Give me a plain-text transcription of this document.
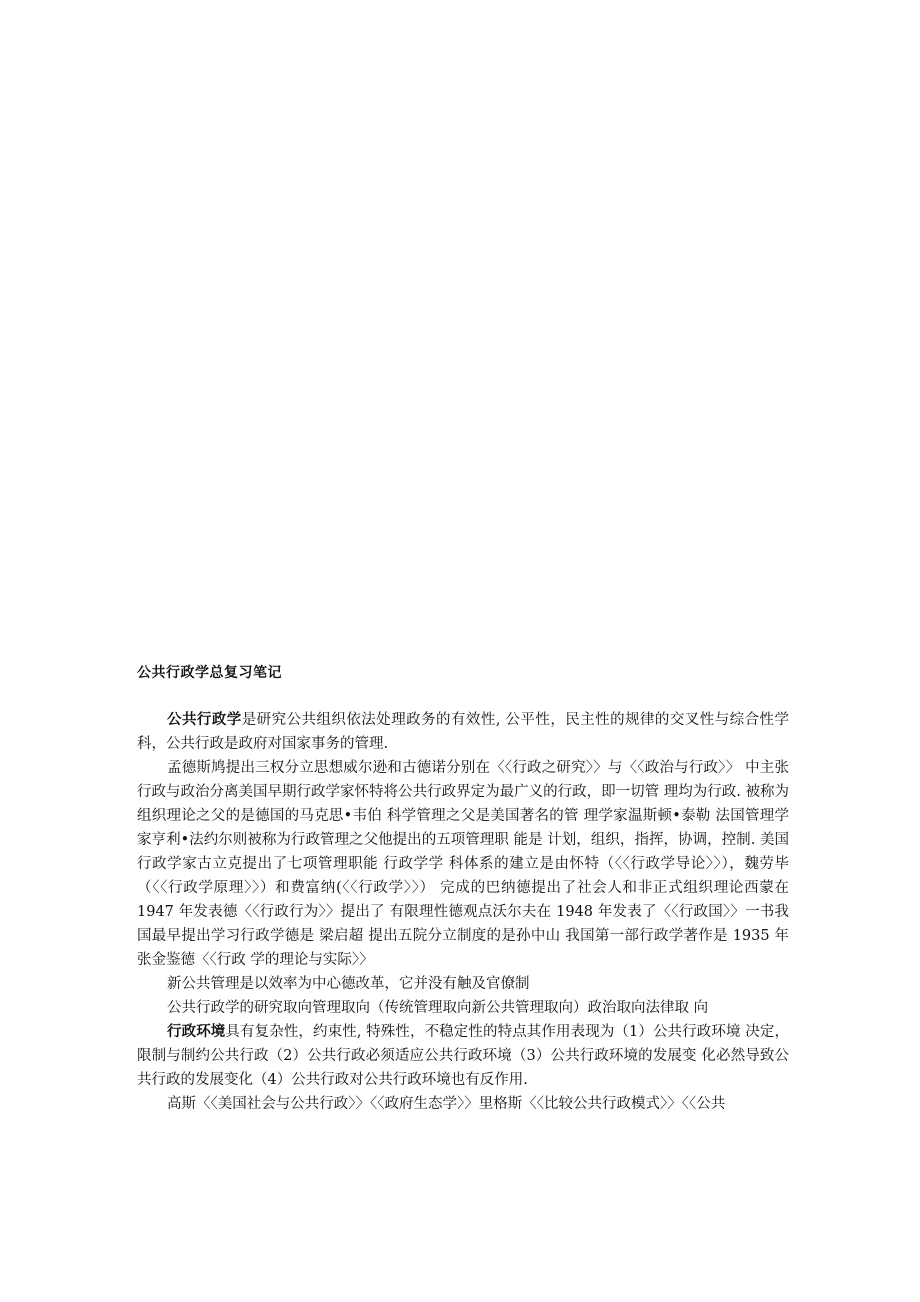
公共行政学总复习笔记

公共行政学是研究公共组织依法处理政务的有效性, 公平性，民主性的规律的交叉性与综合性学科，公共行政是政府对国家事务的管理.

孟德斯鸠提出三权分立思想威尔逊和古德诺分别在〈〈行政之研究〉〉与〈〈政治与行政〉〉 中主张行政与政治分离美国早期行政学家怀特将公共行政界定为最广义的行政，即一切管 理均为行政. 被称为组织理论之父的是德国的马克思•韦伯 科学管理之父是美国著名的管 理学家温斯顿•泰勒 法国管理学家亨利•法约尔则被称为行政管理之父他提出的五项管理职 能是 计划，组织，指挥，协调，控制. 美国行政学家古立克提出了七项管理职能 行政学学 科体系的建立是由怀特（〈〈行政学导论〉〉），魏劳毕（〈〈行政学原理〉〉）和费富纳(〈〈行政学〉〉） 完成的巴纳德提出了社会人和非正式组织理论西蒙在 1947 年发表德〈〈行政行为〉〉提出了 有限理性德观点沃尔夫在 1948 年发表了〈〈行政国〉〉一书我国最早提出学习行政学德是 梁启超 提出五院分立制度的是孙中山 我国第一部行政学著作是 1935 年张金鉴德〈〈行政 学的理论与实际〉〉

新公共管理是以效率为中心德改革，它并没有触及官僚制

公共行政学的研究取向管理取向（传统管理取向新公共管理取向）政治取向法律取 向

行政环境具有复杂性，约束性, 特殊性，不稳定性的特点其作用表现为（1）公共行政环境 决定，限制与制约公共行政（2）公共行政必须适应公共行政环境（3）公共行政环境的发展变 化必然导致公共行政的发展变化（4）公共行政对公共行政环境也有反作用.

高斯〈〈美国社会与公共行政〉〉〈〈政府生态学〉〉里格斯〈〈比较公共行政模式〉〉〈〈公共
